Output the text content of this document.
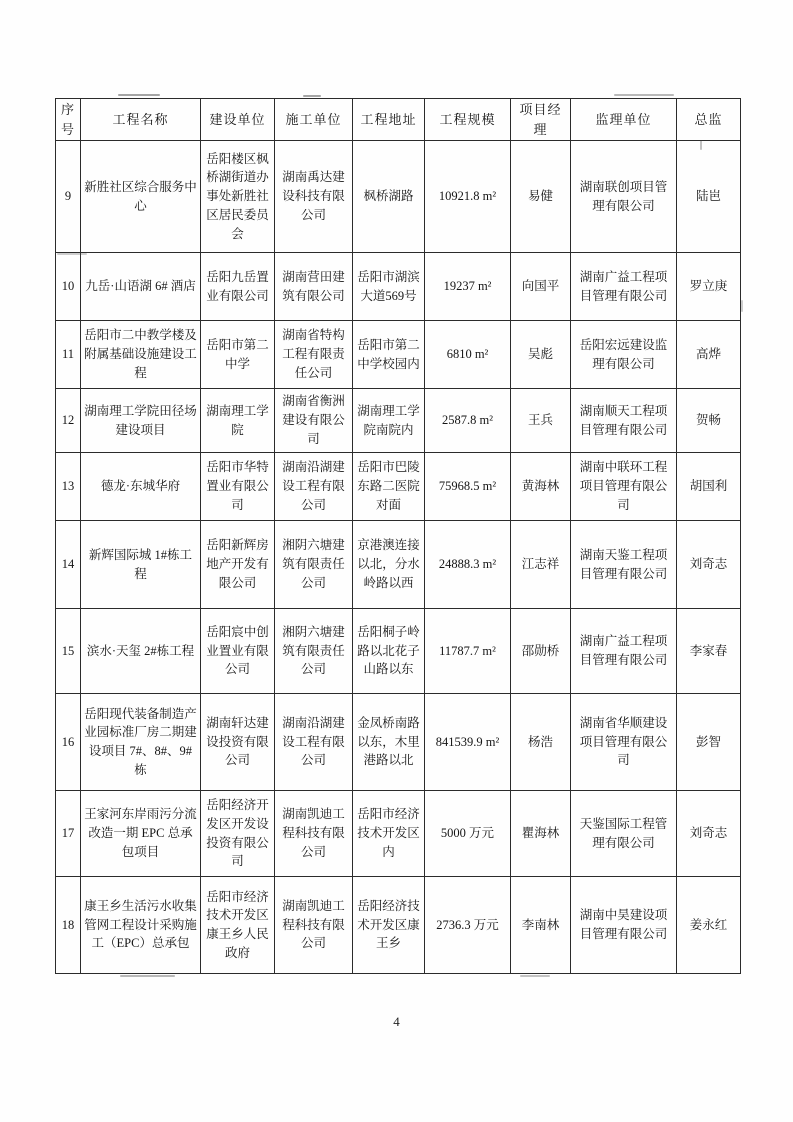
序号	工程名称	建设单位	施工单位	工程地址	工程规模	项目经理	监理单位	总监
9	新胜社区综合服务中心	岳阳楼区枫桥湖街道办事处新胜社区居民委员会	湖南禹达建设科技有限公司	枫桥湖路	10921.8 m²	易健	湖南联创项目管理有限公司	陆岜
10	九岳·山语湖 6# 酒店	岳阳九岳置业有限公司	湖南营田建筑有限公司	岳阳市湖滨大道569号	19237 m²	向国平	湖南广益工程项目管理有限公司	罗立庚
11	岳阳市二中教学楼及附属基础设施建设工程	岳阳市第二中学	湖南省特构工程有限责任公司	岳阳市第二中学校园内	6810 m²	吴彪	岳阳宏远建设监理有限公司	高烨
12	湖南理工学院田径场建设项目	湖南理工学院	湖南省衡洲建设有限公司	湖南理工学院南院内	2587.8 m²	王兵	湖南顺天工程项目管理有限公司	贺畅
13	德龙·东城华府	岳阳市华特置业有限公司	湖南沿湖建设工程有限公司	岳阳市巴陵东路二医院对面	75968.5 m²	黄海林	湖南中联环工程项目管理有限公司	胡国利
14	新辉国际城 1#栋工程	岳阳新辉房地产开发有限公司	湘阴六塘建筑有限责任公司	京港澳连接以北，分水岭路以西	24888.3 m²	江志祥	湖南天鉴工程项目管理有限公司	刘奇志
15	滨水·天玺 2#栋工程	岳阳宸中创业置业有限公司	湘阴六塘建筑有限责任公司	岳阳桐子岭路以北花子山路以东	11787.7 m²	邵勋桥	湖南广益工程项目管理有限公司	李家春
16	岳阳现代装备制造产业园标准厂房二期建设项目 7#、8#、9#栋	湖南轩达建设投资有限公司	湖南沿湖建设工程有限公司	金凤桥南路以东，木里港路以北	841539.9 m²	杨浩	湖南省华顺建设项目管理有限公司	彭智
17	王家河东岸雨污分流改造一期 EPC 总承包项目	岳阳经济开发区开发设投资有限公司	湖南凯迪工程科技有限公司	岳阳市经济技术开发区内	5000 万元	瞿海林	天鉴国际工程管理有限公司	刘奇志
18	康王乡生活污水收集管网工程设计采购施工（EPC）总承包	岳阳市经济技术开发区康王乡人民政府	湖南凯迪工程科技有限公司	岳阳经济技术开发区康王乡	2736.3 万元	李南林	湖南中昊建设项目管理有限公司	姜永红
4
